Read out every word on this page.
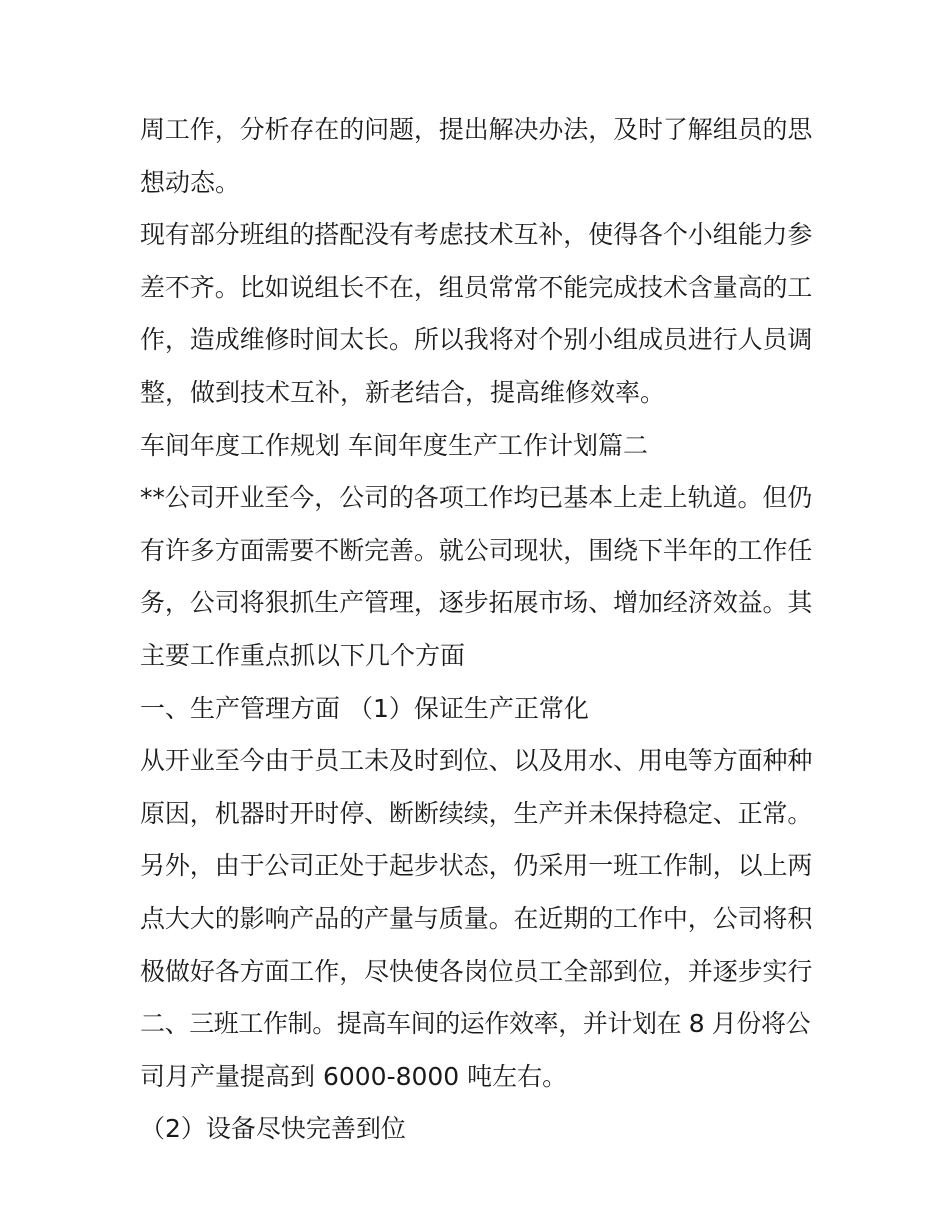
周工作，分析存在的问题，提出解决办法，及时了解组员的思
想动态。
现有部分班组的搭配没有考虑技术互补，使得各个小组能力参
差不齐。比如说组长不在，组员常常不能完成技术含量高的工
作，造成维修时间太长。所以我将对个别小组成员进行人员调
整，做到技术互补，新老结合，提高维修效率。
车间年度工作规划 车间年度生产工作计划篇二
**公司开业至今，公司的各项工作均已基本上走上轨道。但仍
有许多方面需要不断完善。就公司现状，围绕下半年的工作任
务，公司将狠抓生产管理，逐步拓展市场、增加经济效益。其
主要工作重点抓以下几个方面
一、生产管理方面 （1）保证生产正常化
从开业至今由于员工未及时到位、以及用水、用电等方面种种
原因，机器时开时停、断断续续，生产并未保持稳定、正常。
另外，由于公司正处于起步状态，仍采用一班工作制，以上两
点大大的影响产品的产量与质量。在近期的工作中，公司将积
极做好各方面工作，尽快使各岗位员工全部到位，并逐步实行
二、三班工作制。提高车间的运作效率，并计划在 8 月份将公
司月产量提高到 6000-8000 吨左右。
（2）设备尽快完善到位
